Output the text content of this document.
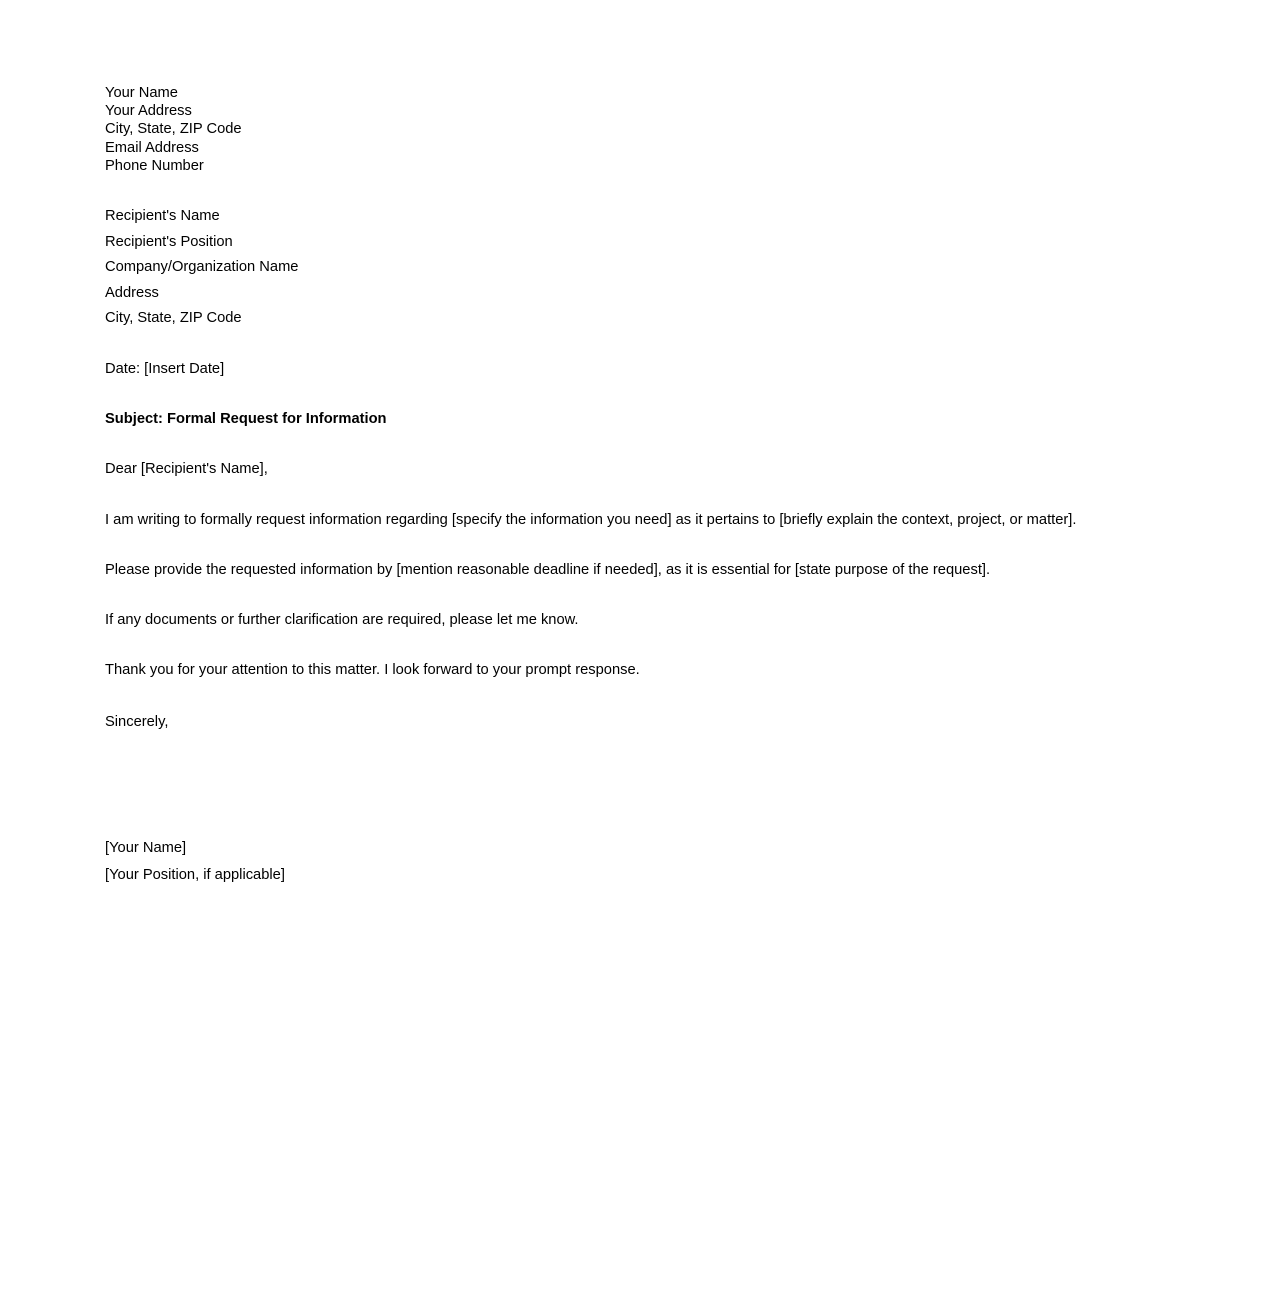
Your Name
Your Address
City, State, ZIP Code
Email Address
Phone Number
Recipient's Name
Recipient's Position
Company/Organization Name
Address
City, State, ZIP Code
Date: [Insert Date]
Subject: Formal Request for Information
Dear [Recipient's Name],

I am writing to formally request information regarding [specify the information you need] as it pertains to [briefly explain the context, project, or matter].

Please provide the requested information by [mention reasonable deadline if needed], as it is essential for [state purpose of the request].

If any documents or further clarification are required, please let me know.

Thank you for your attention to this matter. I look forward to your prompt response.

Sincerely,
[Your Name]
[Your Position, if applicable]
